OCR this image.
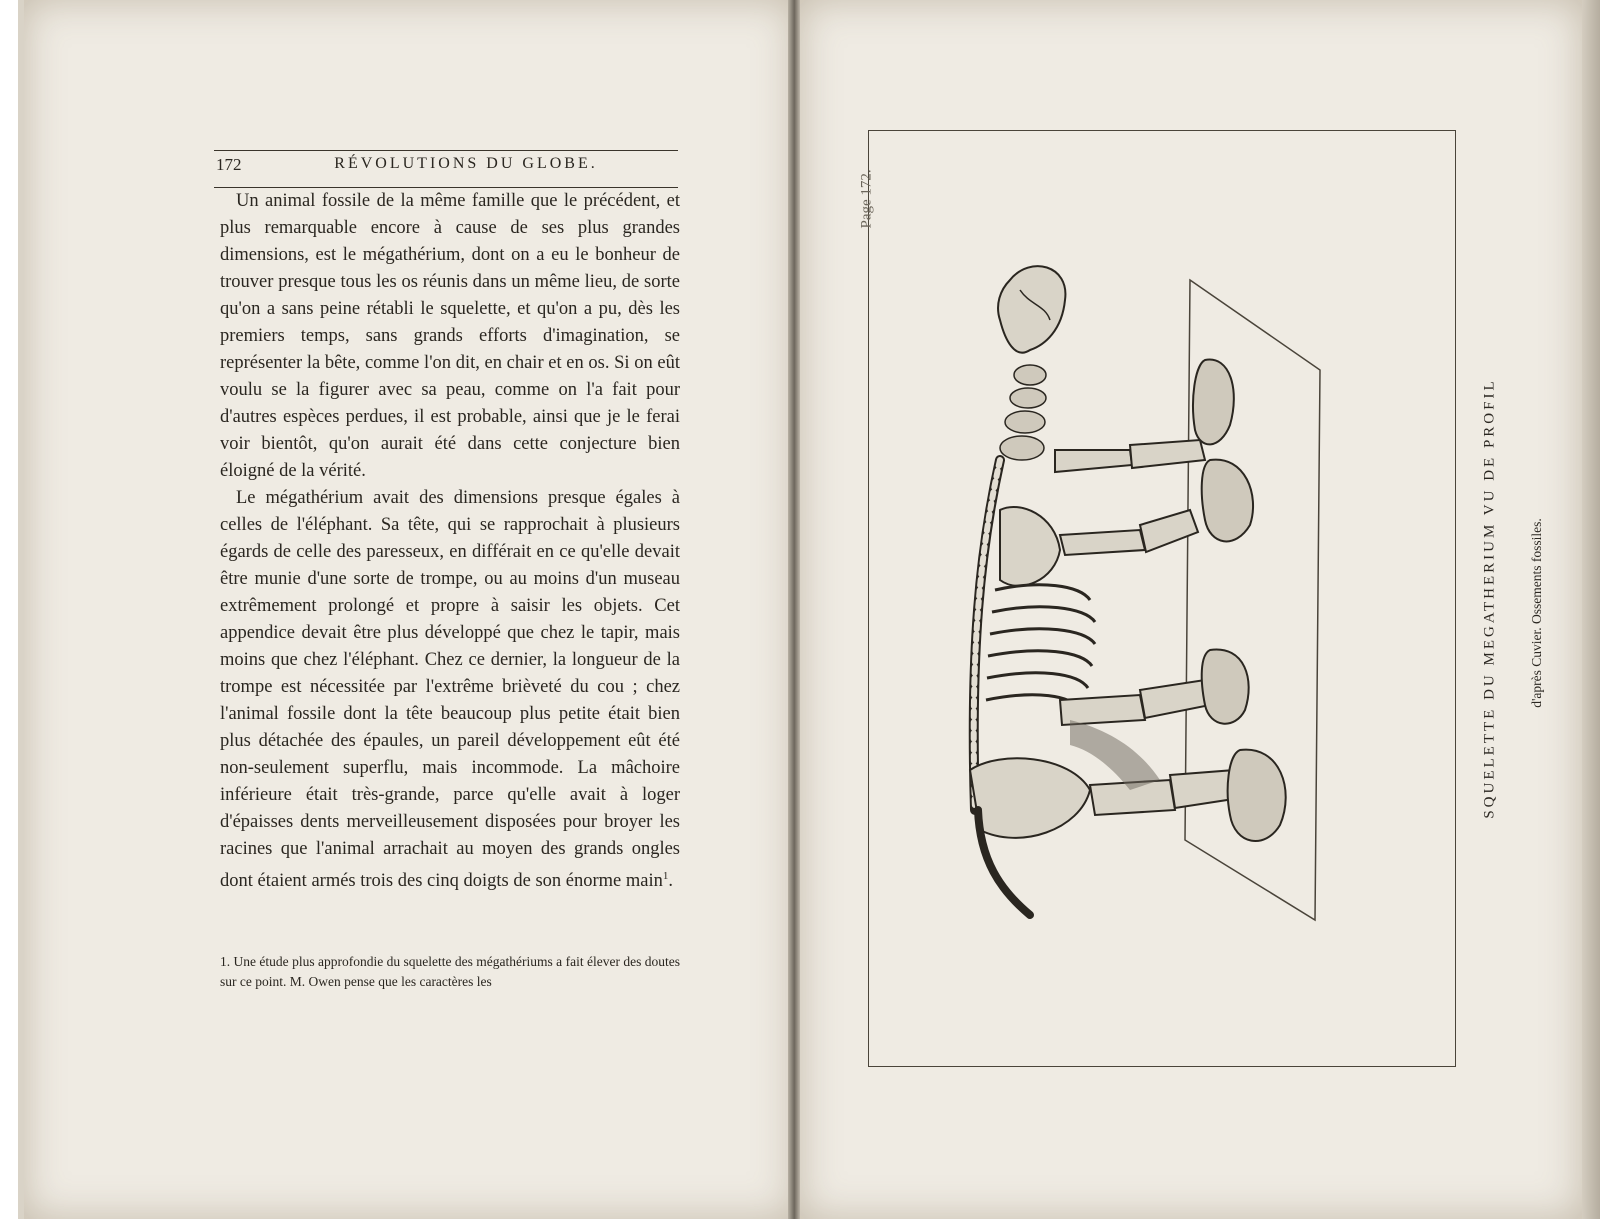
172	RÉVOLUTIONS DU GLOBE.

Un animal fossile de la même famille que le précédent, et plus remarquable encore à cause de ses plus grandes dimensions, est le mégathérium, dont on a eu le bonheur de trouver presque tous les os réunis dans un même lieu, de sorte qu'on a sans peine rétabli le squelette, et qu'on a pu, dès les premiers temps, sans grands efforts d'imagination, se représenter la bête, comme l'on dit, en chair et en os. Si on eût voulu se la figurer avec sa peau, comme on l'a fait pour d'autres espèces perdues, il est probable, ainsi que je le ferai voir bientôt, qu'on aurait été dans cette conjecture bien éloigné de la vérité.

Le mégathérium avait des dimensions presque égales à celles de l'éléphant. Sa tête, qui se rapprochait à plusieurs égards de celle des paresseux, en différait en ce qu'elle devait être munie d'une sorte de trompe, ou au moins d'un museau extrêmement prolongé et propre à saisir les objets. Cet appendice devait être plus développé que chez le tapir, mais moins que chez l'éléphant. Chez ce dernier, la longueur de la trompe est nécessitée par l'extrême brièveté du cou ; chez l'animal fossile dont la tête beaucoup plus petite était bien plus détachée des épaules, un pareil développement eût été non-seulement superflu, mais incommode. La mâchoire inférieure était très-grande, parce qu'elle avait à loger d'épaisses dents merveilleusement disposées pour broyer les racines que l'animal arrachait au moyen des grands ongles dont étaient armés trois des cinq doigts de son énorme main$^1$.

1. Une étude plus approfondie du squelette des mégathériums a fait élever des doutes sur ce point. M. Owen pense que les caractères les
Page 172.
SQUELETTE DU MEGATHERIUM VU DE PROFIL d'après Cuvier. Ossements fossiles.
